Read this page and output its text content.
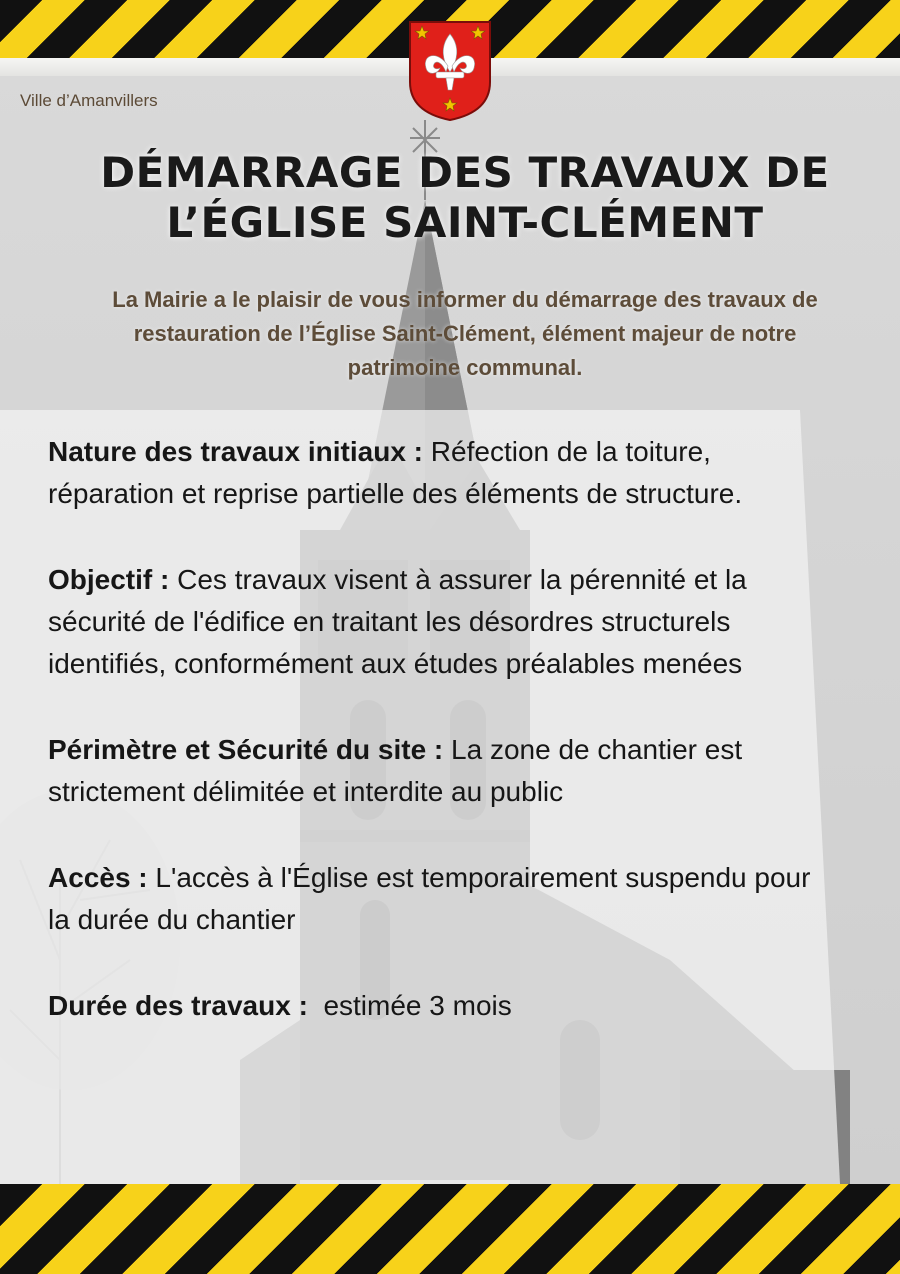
Ville d’Amanvillers
DÉMARRAGE DES TRAVAUX DE L’ÉGLISE SAINT-CLÉMENT

La Mairie a le plaisir de vous informer du démarrage des travaux de restauration de l’Église Saint-Clément, élément majeur de notre patrimoine communal.

Nature des travaux initiaux : Réfection de la toiture, réparation et reprise partielle des éléments de structure.

Objectif : Ces travaux visent à assurer la pérennité et la sécurité de l'édifice en traitant les désordres structurels identifiés, conformément aux études préalables menées

Périmètre et Sécurité du site : La zone de chantier est strictement délimitée et interdite au public

Accès : L'accès à l'Église est temporairement suspendu pour la durée du chantier

Durée des travaux :  estimée 3 mois
